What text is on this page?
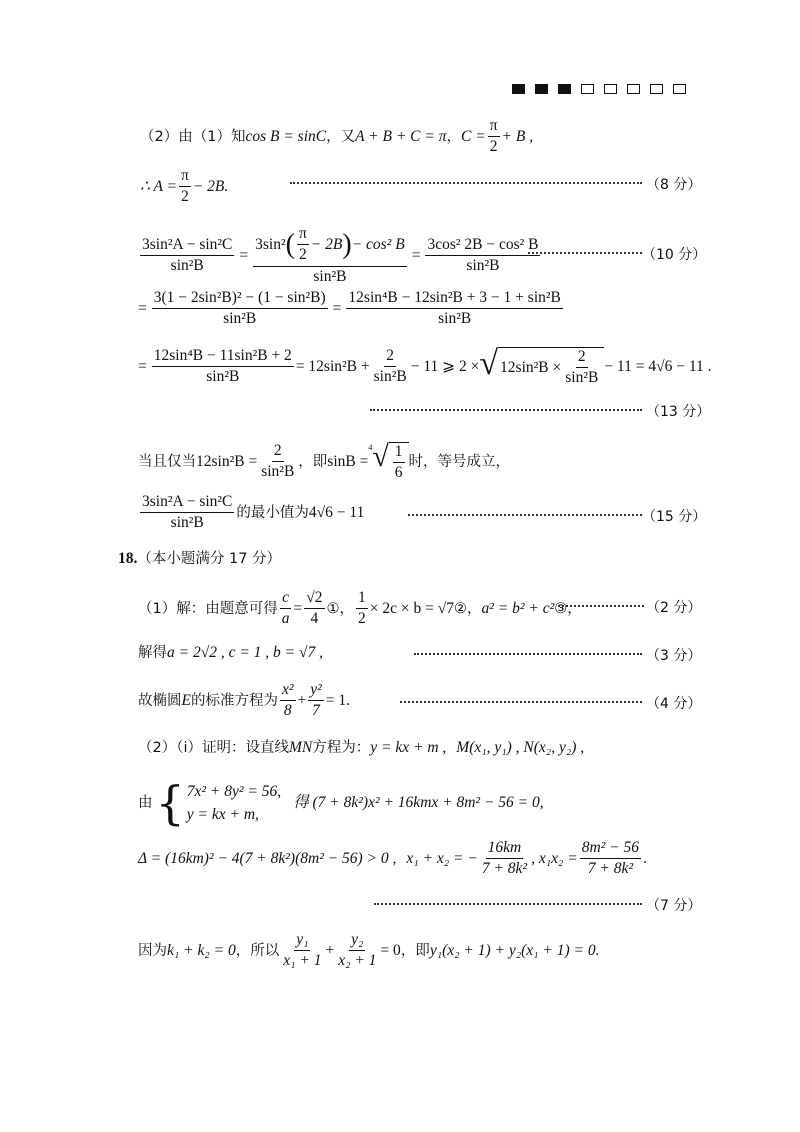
（2）由（1）知 cos B = sinC ，又 A + B + C = π ， $C = \frac{\pi}{2} + B$ ,
∴ $A = \frac{\pi}{2} - 2B$.	（8 分）
$\frac{\text{3sin²A − sin²C}}{\text{sin²B}}$ =
3sin² ( $\frac{\pi}{2} - 2B$ ) − cos² B
sin²B
= $\frac{\text{3cos² 2B − cos² B}}{\text{sin²B}}$	（10 分）
= $\frac{\text{3(1 − 2sin²B)² − (1 − sin²B)}}{\text{sin²B}} = \frac{\text{12sin⁴B − 12sin²B + 3 − 1 + sin²B}}{\text{sin²B}}$
= $\frac{\text{12sin⁴B − 11sin²B + 2}}{\text{sin²B}} = 12\sin^2B + \frac{2}{\text{sin²B}} - 11$ ⩾ 2 × √ $12\sin^2B \times \frac{2}{\text{sin²B}} - 11 = 4√6 - 11$ .
（13 分）
当且仅当 $12\sin^2B = \frac{2}{\text{sin²B}}$ ，即 sinB =
4 √ $\frac{1}{6}$ 时，等号成立，
$\frac{\text{3sin²A − sin²C}}{\text{sin²B}}$ 的最小值为 4√6 − 11	（15 分）
18. （本小题满分 17 分）
（1）解：由题意可得 $\frac{c}{a} = \frac{√2}{4}$ ①， $\frac{1}{2} \times 2c \times b = √7$ ②， a² = b² + c² ③，	（2 分）
解得 a = 2√2 , c = 1 , b = √7 ,	（3 分）
故椭圆 E 的标准方程为 $\frac{\text{x²}}{8} + \frac{\text{y²}}{7} = 1$.	（4 分）
（2）（i）证明：设直线 MN 方程为： y = kx + m , M(x₁, y₁) , N(x₂, y₂) ,
由 { 7x² + 8y² = 56,
y = kx + m,
得 (7 + 8k²)x² + 16kmx + 8m² − 56 = 0,
Δ = (16km)² − 4(7 + 8k²)(8m² − 56) > 0 , x₁ + x₂ = − $\frac{16km}{\text{7 + 8k²}}$ , $x_1x_2 = \frac{\text{8m² − 56}}{\text{7 + 8k²}}$ .
（7 分）
因为 k₁ + k₂ = 0 ，所以 $\frac{\text{y₁}}{\text{x₁ + 1}} + \frac{\text{y₂}}{\text{x₂ + 1}} = 0$ ，即 y₁(x₂ + 1) + y₂(x₁ + 1) = 0.
